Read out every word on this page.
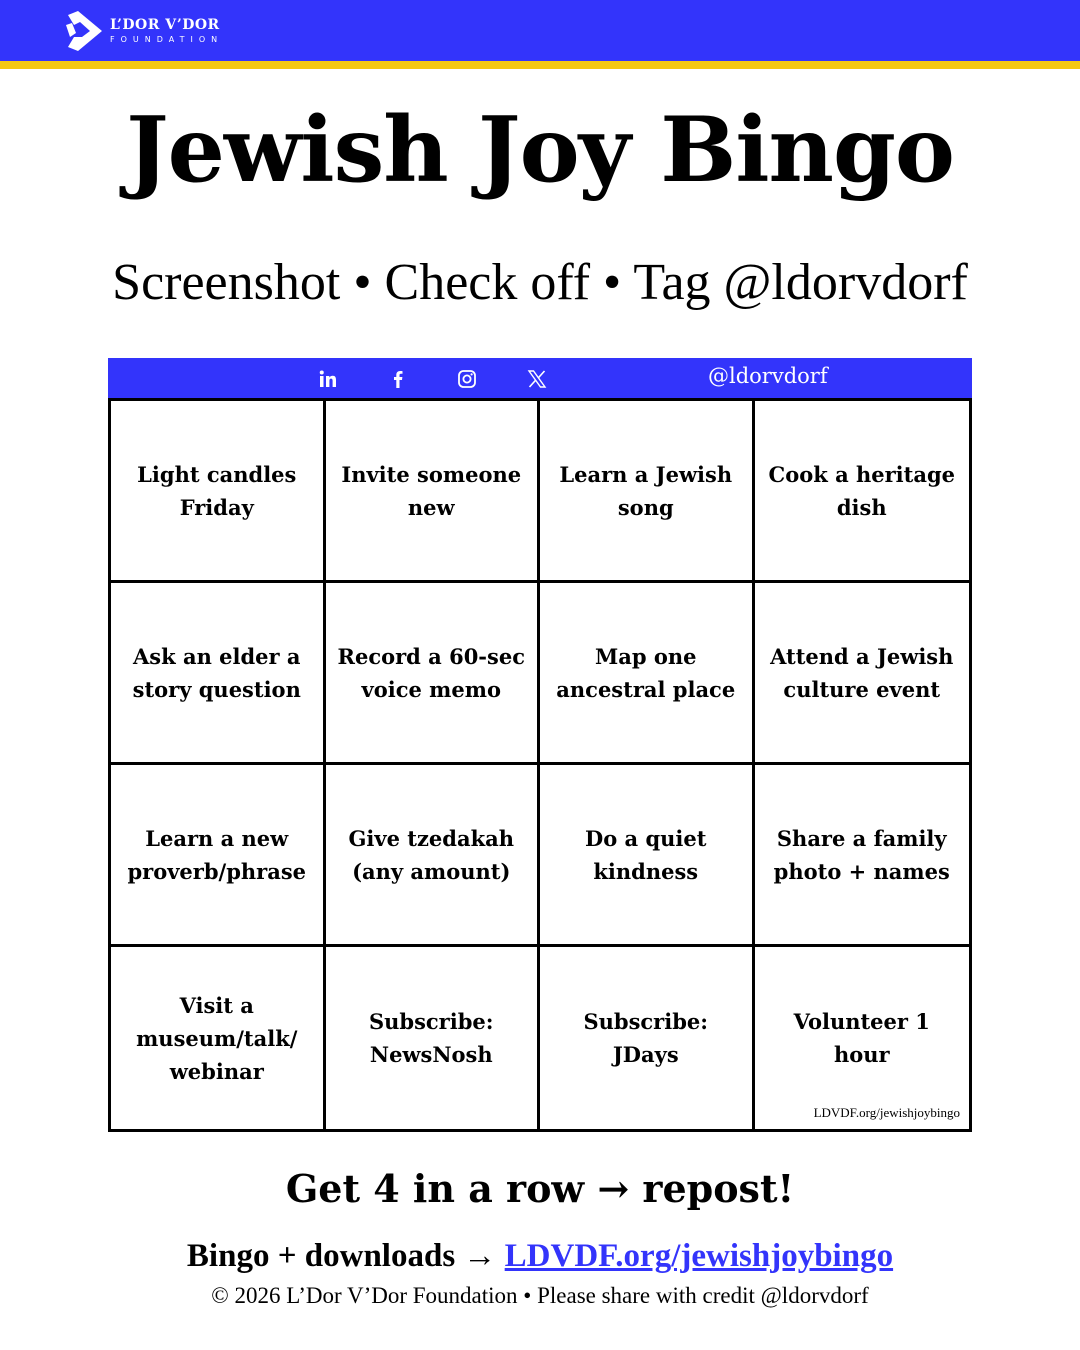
L’DOR V’DOR
FOUNDATION
Jewish Joy Bingo

Screenshot • Check off • Tag @ldorvdorf

@ldorvdorf
Light candles Friday
Invite someone new
Learn a Jewish song
Cook a heritage dish
Ask an elder a story question
Record a 60-sec voice memo
Map one ancestral place
Attend a Jewish culture event
Learn a new proverb/phrase
Give tzedakah (any amount)
Do a quiet kindness
Share a family photo + names
Visit a museum/talk/ webinar
Subscribe: NewsNosh
Subscribe: JDays
Volunteer 1 hour
LDVDF.org/jewishjoybingo

Get 4 in a row → repost!

Bingo + downloads → LDVDF.org/jewishjoybingo
© 2026 L’Dor V’Dor Foundation • Please share with credit @ldorvdorf
